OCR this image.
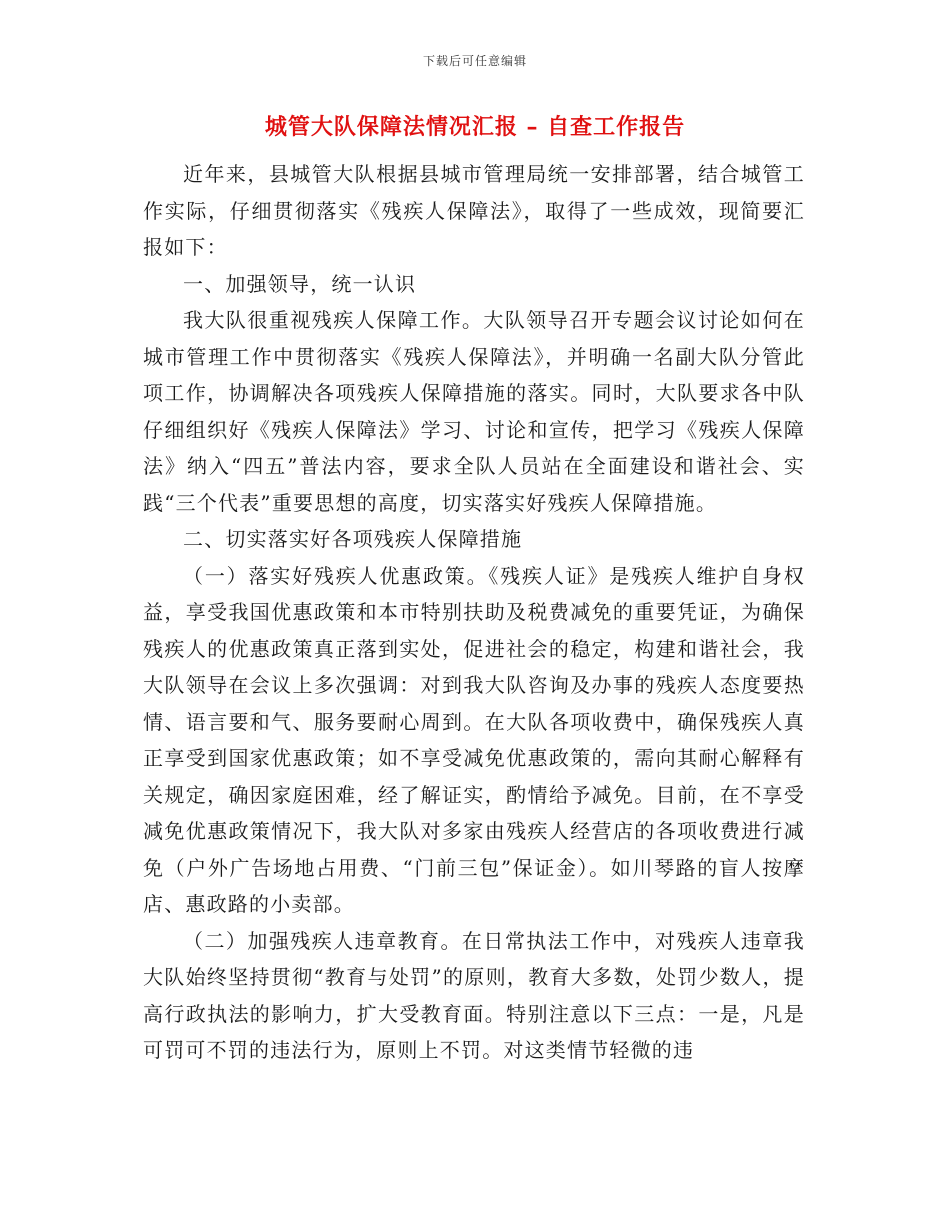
下载后可任意编辑
城管大队保障法情况汇报 – 自查工作报告

近年来，县城管大队根据县城市管理局统一安排部署，结合城管工作实际，仔细贯彻落实《残疾人保障法》，取得了一些成效，现简要汇报如下：

一、加强领导，统一认识

我大队很重视残疾人保障工作。大队领导召开专题会议讨论如何在城市管理工作中贯彻落实《残疾人保障法》，并明确一名副大队分管此项工作，协调解决各项残疾人保障措施的落实。同时，大队要求各中队仔细组织好《残疾人保障法》学习、讨论和宣传，把学习《残疾人保障法》纳入“四五”普法内容，要求全队人员站在全面建设和谐社会、实践“三个代表”重要思想的高度，切实落实好残疾人保障措施。

二、切实落实好各项残疾人保障措施

（一）落实好残疾人优惠政策。《残疾人证》是残疾人维护自身权益，享受我国优惠政策和本市特别扶助及税费减免的重要凭证，为确保残疾人的优惠政策真正落到实处，促进社会的稳定，构建和谐社会，我大队领导在会议上多次强调：对到我大队咨询及办事的残疾人态度要热情、语言要和气、服务要耐心周到。在大队各项收费中，确保残疾人真正享受到国家优惠政策；如不享受减免优惠政策的，需向其耐心解释有关规定，确因家庭困难，经了解证实，酌情给予减免。目前，在不享受减免优惠政策情况下，我大队对多家由残疾人经营店的各项收费进行减免（户外广告场地占用费、“门前三包”保证金）。如川琴路的盲人按摩店、惠政路的小卖部。

（二）加强残疾人违章教育。在日常执法工作中，对残疾人违章我大队始终坚持贯彻“教育与处罚”的原则，教育大多数，处罚少数人，提高行政执法的影响力，扩大受教育面。特别注意以下三点：一是，凡是可罚可不罚的违法行为，原则上不罚。对这类情节轻微的违
